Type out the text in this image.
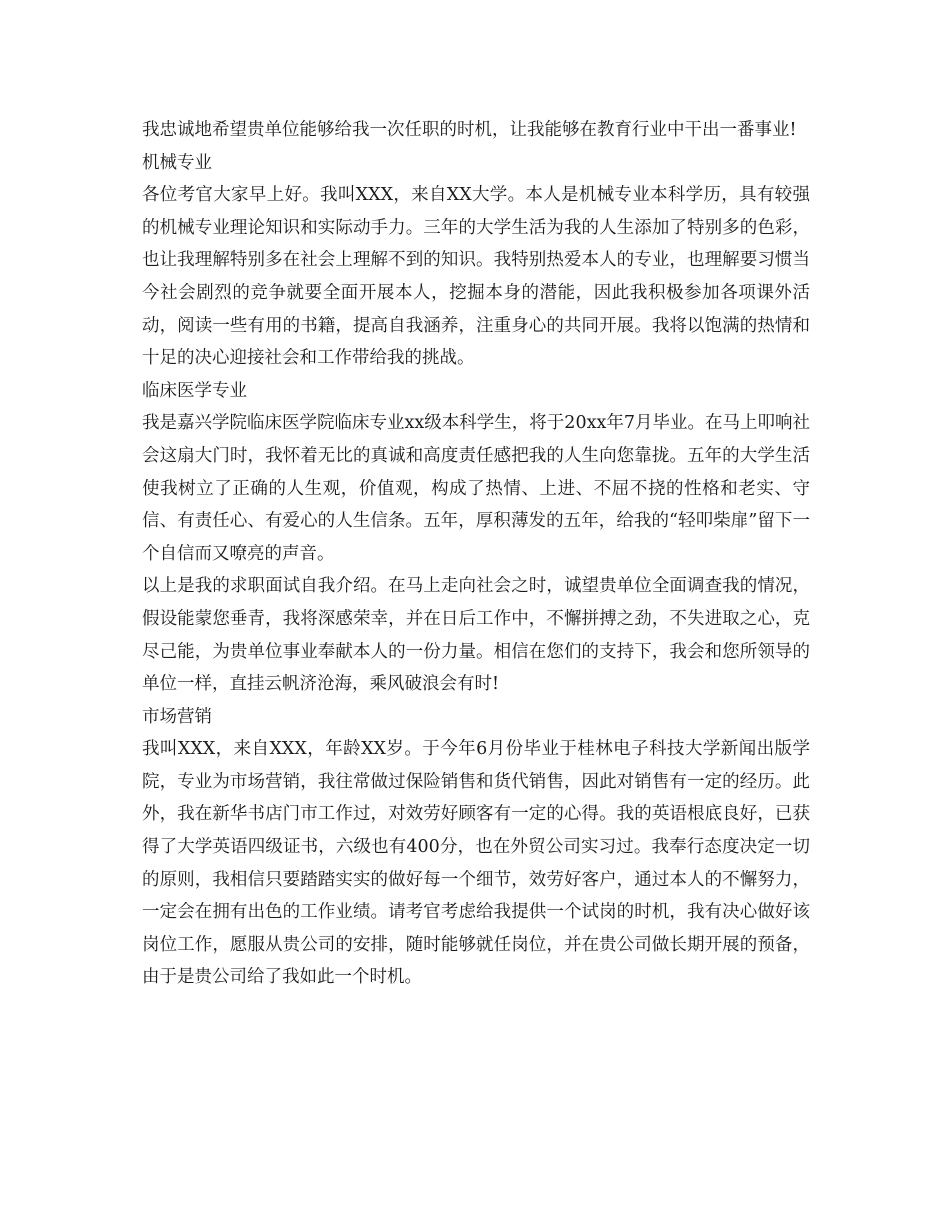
我忠诚地希望贵单位能够给我一次任职的时机，让我能够在教育行业中干出一番事业!

机械专业

各位考官大家早上好。我叫XXX，来自XX大学。本人是机械专业本科学历，具有较强的机械专业理论知识和实际动手力。三年的大学生活为我的人生添加了特别多的色彩，也让我理解特别多在社会上理解不到的知识。我特别热爱本人的专业，也理解要习惯当今社会剧烈的竞争就要全面开展本人，挖掘本身的潜能，因此我积极参加各项课外活动，阅读一些有用的书籍，提高自我涵养，注重身心的共同开展。我将以饱满的热情和十足的决心迎接社会和工作带给我的挑战。

临床医学专业

我是嘉兴学院临床医学院临床专业xx级本科学生，将于20xx年7月毕业。在马上叩响社会这扇大门时，我怀着无比的真诚和高度责任感把我的人生向您靠拢。五年的大学生活使我树立了正确的人生观，价值观，构成了热情、上进、不屈不挠的性格和老实、守信、有责任心、有爱心的人生信条。五年，厚积薄发的五年，给我的“轻叩柴扉”留下一个自信而又嘹亮的声音。

以上是我的求职面试自我介绍。在马上走向社会之时，诚望贵单位全面调查我的情况，假设能蒙您垂青，我将深感荣幸，并在日后工作中，不懈拼搏之劲，不失进取之心，克尽己能，为贵单位事业奉献本人的一份力量。相信在您们的支持下，我会和您所领导的单位一样，直挂云帆济沧海，乘风破浪会有时!

市场营销

我叫XXX，来自XXX，年龄XX岁。于今年6月份毕业于桂林电子科技大学新闻出版学院，专业为市场营销，我往常做过保险销售和货代销售，因此对销售有一定的经历。此外，我在新华书店门市工作过，对效劳好顾客有一定的心得。我的英语根底良好，已获得了大学英语四级证书，六级也有400分，也在外贸公司实习过。我奉行态度决定一切的原则，我相信只要踏踏实实的做好每一个细节，效劳好客户，通过本人的不懈努力，一定会在拥有出色的工作业绩。请考官考虑给我提供一个试岗的时机，我有决心做好该岗位工作，愿服从贵公司的安排，随时能够就任岗位，并在贵公司做长期开展的预备，由于是贵公司给了我如此一个时机。
